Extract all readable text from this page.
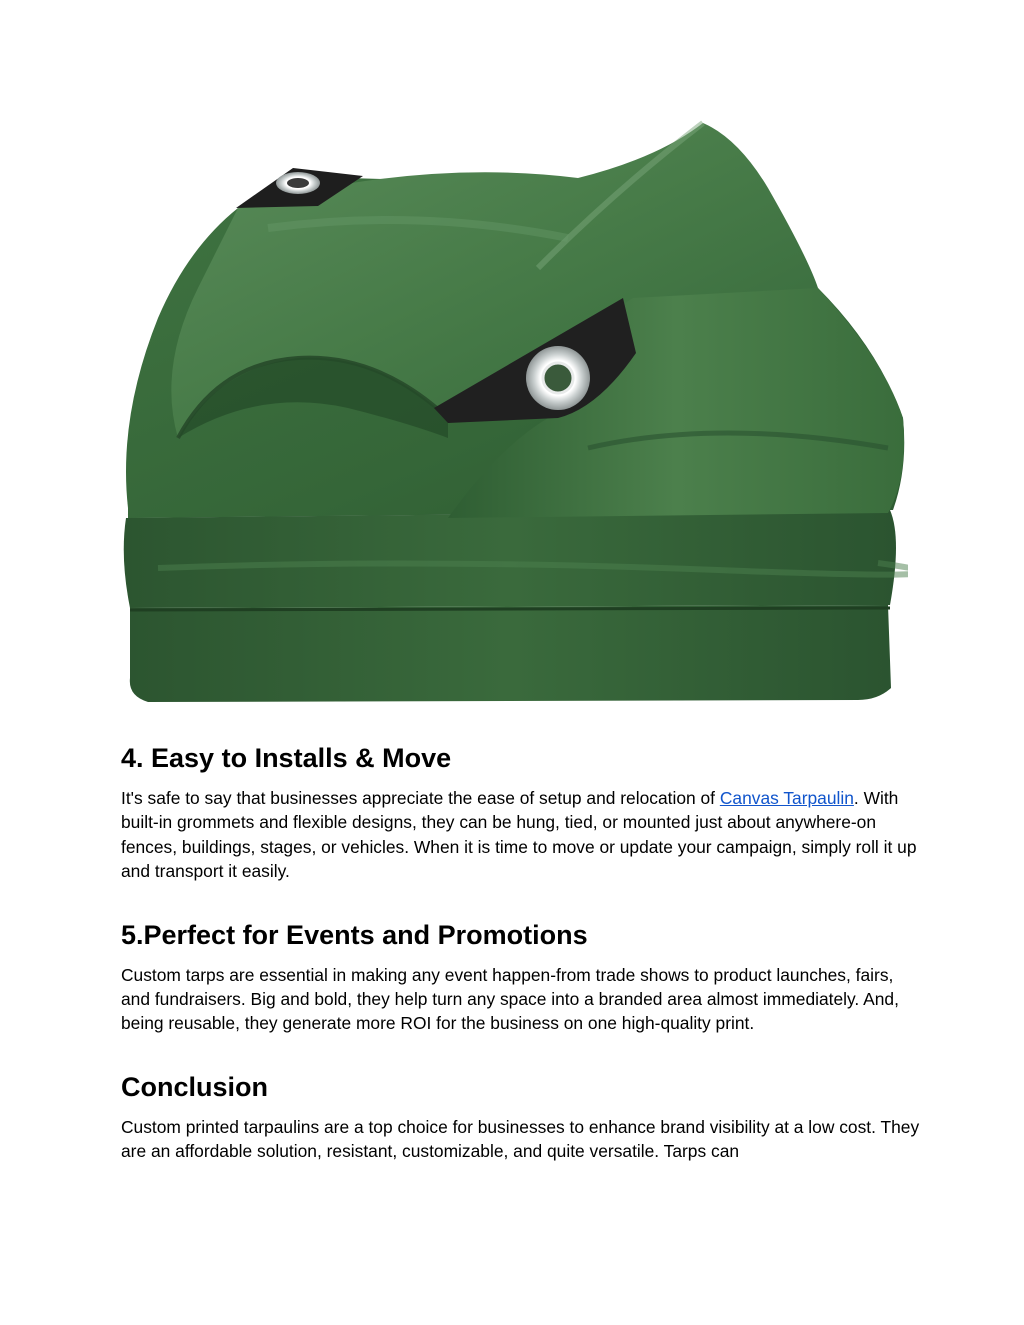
4. Easy to Installs & Move

It's safe to say that businesses appreciate the ease of setup and relocation of Canvas Tarpaulin. With built-in grommets and flexible designs, they can be hung, tied, or mounted just about anywhere-on fences, buildings, stages, or vehicles. When it is time to move or update your campaign, simply roll it up and transport it easily.

5.Perfect for Events and Promotions

Custom tarps are essential in making any event happen-from trade shows to product launches, fairs, and fundraisers. Big and bold, they help turn any space into a branded area almost immediately. And, being reusable, they generate more ROI for the business on one high-quality print.

Conclusion

Custom printed tarpaulins are a top choice for businesses to enhance brand visibility at a low cost. They are an affordable solution, resistant, customizable, and quite versatile. Tarps can
